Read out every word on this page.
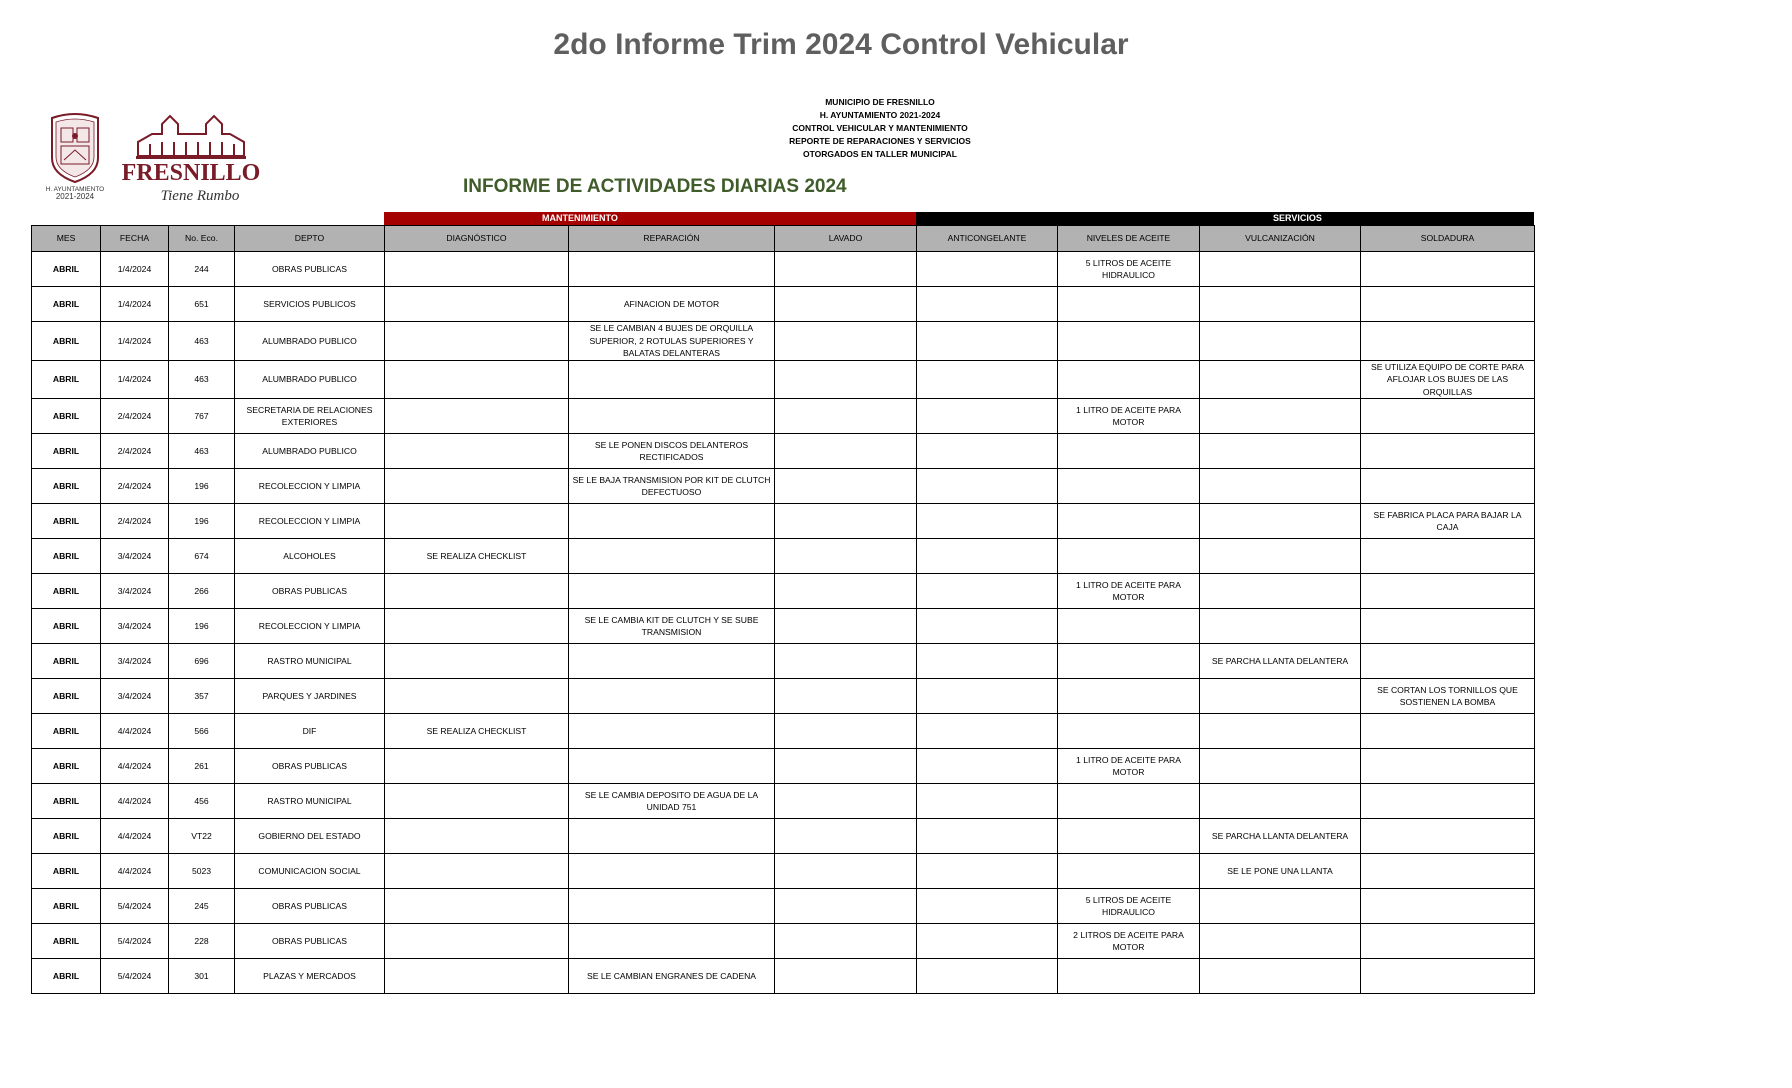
2do Informe Trim 2024 Control Vehicular
H. AYUNTAMIENTO
2021-2024
FRESNILLO
Tiene Rumbo
MUNICIPIO DE FRESNILLO
H. AYUNTAMIENTO 2021-2024
CONTROL VEHICULAR Y MANTENIMIENTO
REPORTE DE REPARACIONES Y SERVICIOS
OTORGADOS EN TALLER MUNICIPAL
INFORME DE ACTIVIDADES DIARIAS 2024
MANTENIMIENTO	SERVICIOS
MES	FECHA	No. Eco.	DEPTO	DIAGNÓSTICO	REPARACIÓN	LAVADO	ANTICONGELANTE	NIVELES DE ACEITE	VULCANIZACIÓN	SOLDADURA
ABRIL	1/4/2024	244	OBRAS PUBLICAS					5 LITROS DE ACEITE HIDRAULICO		
ABRIL	1/4/2024	651	SERVICIOS PUBLICOS		AFINACION DE MOTOR					
ABRIL	1/4/2024	463	ALUMBRADO PUBLICO		SE LE CAMBIAN 4 BUJES DE ORQUILLA SUPERIOR, 2 ROTULAS SUPERIORES Y BALATAS DELANTERAS					
ABRIL	1/4/2024	463	ALUMBRADO PUBLICO							SE UTILIZA EQUIPO DE CORTE PARA AFLOJAR LOS BUJES DE LAS ORQUILLAS
ABRIL	2/4/2024	767	SECRETARIA DE RELACIONES EXTERIORES					1 LITRO DE ACEITE PARA MOTOR		
ABRIL	2/4/2024	463	ALUMBRADO PUBLICO		SE LE PONEN DISCOS DELANTEROS RECTIFICADOS					
ABRIL	2/4/2024	196	RECOLECCION Y LIMPIA		SE LE BAJA TRANSMISION POR KIT DE CLUTCH DEFECTUOSO					
ABRIL	2/4/2024	196	RECOLECCION Y LIMPIA							SE FABRICA PLACA PARA BAJAR LA CAJA
ABRIL	3/4/2024	674	ALCOHOLES	SE REALIZA CHECKLIST						
ABRIL	3/4/2024	266	OBRAS PUBLICAS					1 LITRO DE ACEITE PARA MOTOR		
ABRIL	3/4/2024	196	RECOLECCION Y LIMPIA		SE LE CAMBIA KIT DE CLUTCH Y SE SUBE TRANSMISION					
ABRIL	3/4/2024	696	RASTRO MUNICIPAL						SE PARCHA LLANTA DELANTERA	
ABRIL	3/4/2024	357	PARQUES Y JARDINES							SE CORTAN LOS TORNILLOS QUE SOSTIENEN LA BOMBA
ABRIL	4/4/2024	566	DIF	SE REALIZA CHECKLIST						
ABRIL	4/4/2024	261	OBRAS PUBLICAS					1 LITRO DE ACEITE PARA MOTOR		
ABRIL	4/4/2024	456	RASTRO MUNICIPAL		SE LE CAMBIA DEPOSITO DE AGUA DE LA UNIDAD 751					
ABRIL	4/4/2024	VT22	GOBIERNO DEL ESTADO						SE PARCHA LLANTA DELANTERA	
ABRIL	4/4/2024	5023	COMUNICACION SOCIAL						SE LE PONE UNA LLANTA	
ABRIL	5/4/2024	245	OBRAS PUBLICAS					5 LITROS DE ACEITE HIDRAULICO		
ABRIL	5/4/2024	228	OBRAS PUBLICAS					2 LITROS DE ACEITE PARA MOTOR		
ABRIL	5/4/2024	301	PLAZAS Y MERCADOS		SE LE CAMBIAN ENGRANES DE CADENA					
